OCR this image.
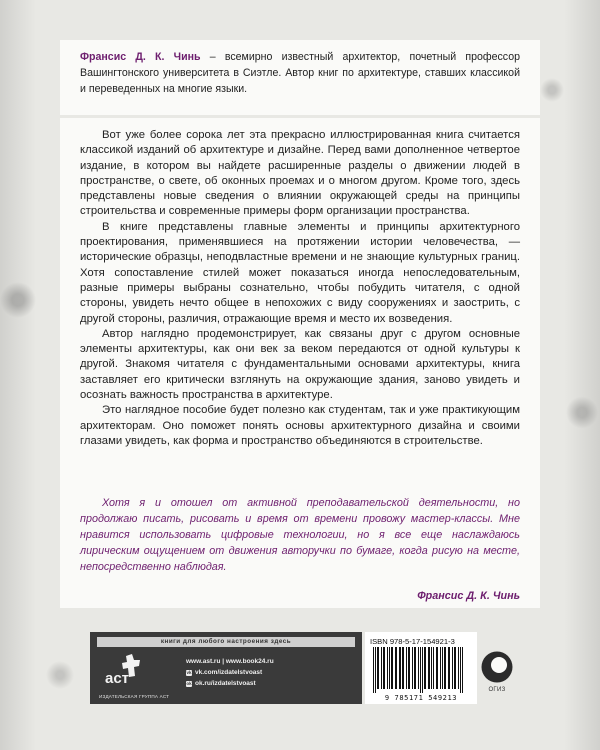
Франсис Д. К. Чинь – всемирно известный архитектор, почетный профессор Вашингтонского университета в Сиэтле. Автор книг по архитектуре, ставших классикой и переведенных на многие языки.

Вот уже более сорока лет эта прекрасно иллюстрированная книга считается классикой изданий об архитектуре и дизайне. Перед вами дополненное четвертое издание, в котором вы найдете расширенные разделы о движении людей в пространстве, о свете, об оконных проемах и о многом другом. Кроме того, здесь представлены новые сведения о влиянии окружающей среды на принципы строительства и современные примеры форм организации пространства.

В книге представлены главные элементы и принципы архитектурного проектирования, применявшиеся на протяжении истории человечества, — исторические образцы, неподвластные времени и не знающие культурных границ. Хотя сопоставление стилей может показаться иногда непоследовательным, разные примеры выбраны сознательно, чтобы побудить читателя, с одной стороны, увидеть нечто общее в непохожих с виду сооружениях и заострить, с другой стороны, различия, отражающие время и место их возведения.

Автор наглядно продемонстрирует, как связаны друг с другом основные элементы архитектуры, как они век за веком передаются от одной культуры к другой. Знакомя читателя с фундаментальными основами архитектуры, книга заставляет его критически взглянуть на окружающие здания, заново увидеть и осознать важность пространства в архитектуре.

Это наглядное пособие будет полезно как студентам, так и уже практикующим архитекторам. Оно поможет понять основы архитектурного дизайна и своими глазами увидеть, как форма и пространство объединяются в строительстве.

Хотя я и отошел от активной преподавательской деятельности, но продолжаю писать, рисовать и время от времени провожу мастер-классы. Мне нравится использовать цифровые технологии, но я все еще наслаждаюсь лирическим ощущением от движения авторучки по бумаге, когда рисую на месте, непосредственно наблюдая.

Франсис Д. К. Чинь

книги для любого настроения здесь
аст
ИЗДАТЕЛЬСКАЯ ГРУППА АСТ
www.ast.ru | www.book24.ru
vk vk.com/izdatelstvoast
ok ok.ru/izdatelstvoast
ISBN 978-5-17-154921-3
9 785171 549213
ОГИЗ
